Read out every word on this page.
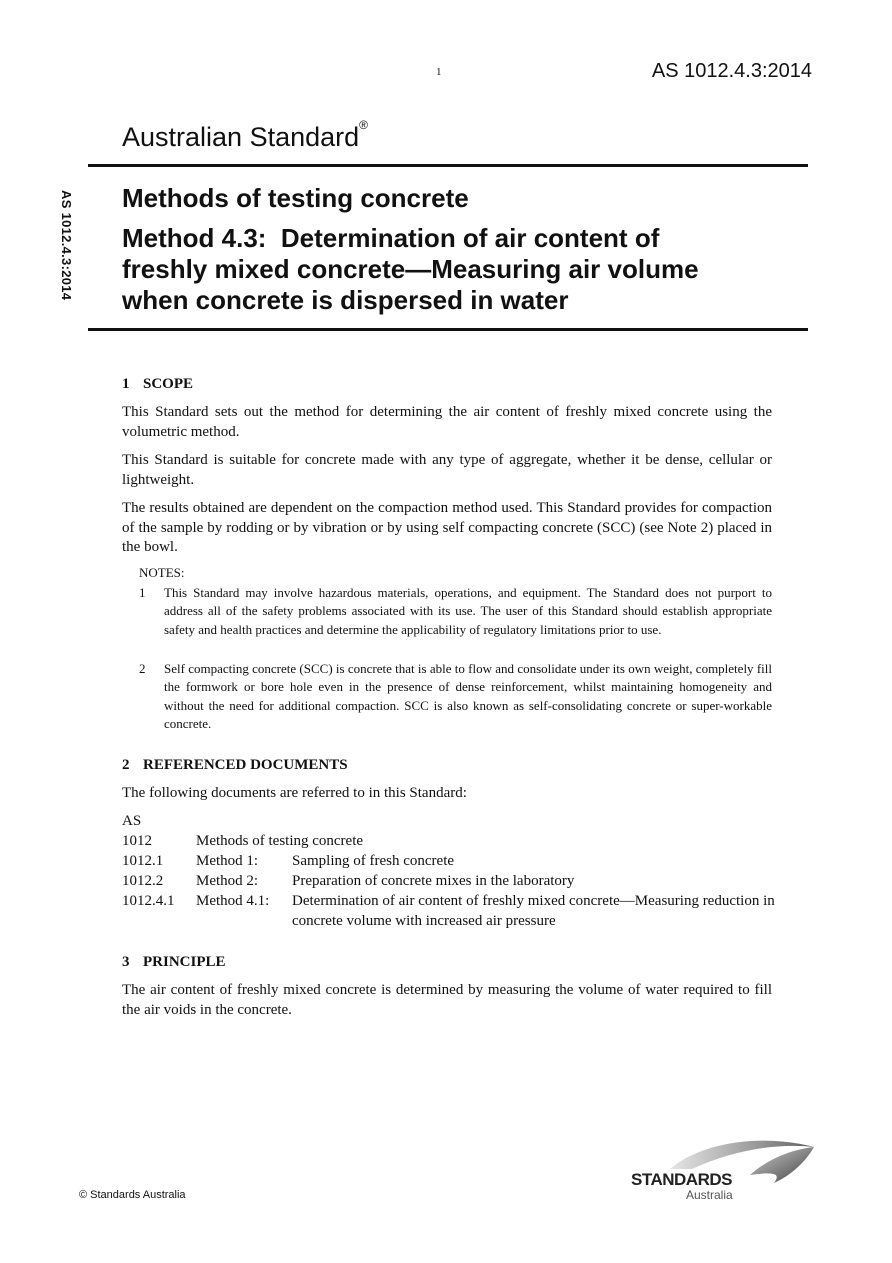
1	AS 1012.4.3:2014
Australian Standard®
AS 1012.4.3:2014 Methods of testing concrete
Method 4.3:  Determination of air content of
freshly mixed concrete—Measuring air volume
when concrete is dispersed in water
1 SCOPE
This Standard sets out the method for determining the air content of freshly mixed concrete using the volumetric method.
This Standard is suitable for concrete made with any type of aggregate, whether it be dense, cellular or lightweight.
The results obtained are dependent on the compaction method used. This Standard provides for compaction of the sample by rodding or by vibration or by using self compacting concrete (SCC) (see Note 2) placed in the bowl.
NOTES:
1	This Standard may involve hazardous materials, operations, and equipment. The Standard does not purport to address all of the safety problems associated with its use. The user of this Standard should establish appropriate safety and health practices and determine the applicability of regulatory limitations prior to use.
2	Self compacting concrete (SCC) is concrete that is able to flow and consolidate under its own weight, completely fill the formwork or bore hole even in the presence of dense reinforcement, whilst maintaining homogeneity and without the need for additional compaction. SCC is also known as self-consolidating concrete or super-workable concrete.
2 REFERENCED DOCUMENTS
The following documents are referred to in this Standard:
AS
1012	Methods of testing concrete
1012.1	Method 1:	Sampling of fresh concrete
1012.2	Method 2:	Preparation of concrete mixes in the laboratory
1012.4.1	Method 4.1:	Determination of air content of freshly mixed concrete—Measuring reduction in concrete volume with increased air pressure
3 PRINCIPLE
The air content of freshly mixed concrete is determined by measuring the volume of water required to fill the air voids in the concrete.
© Standards Australia
STANDARDS
Australia
